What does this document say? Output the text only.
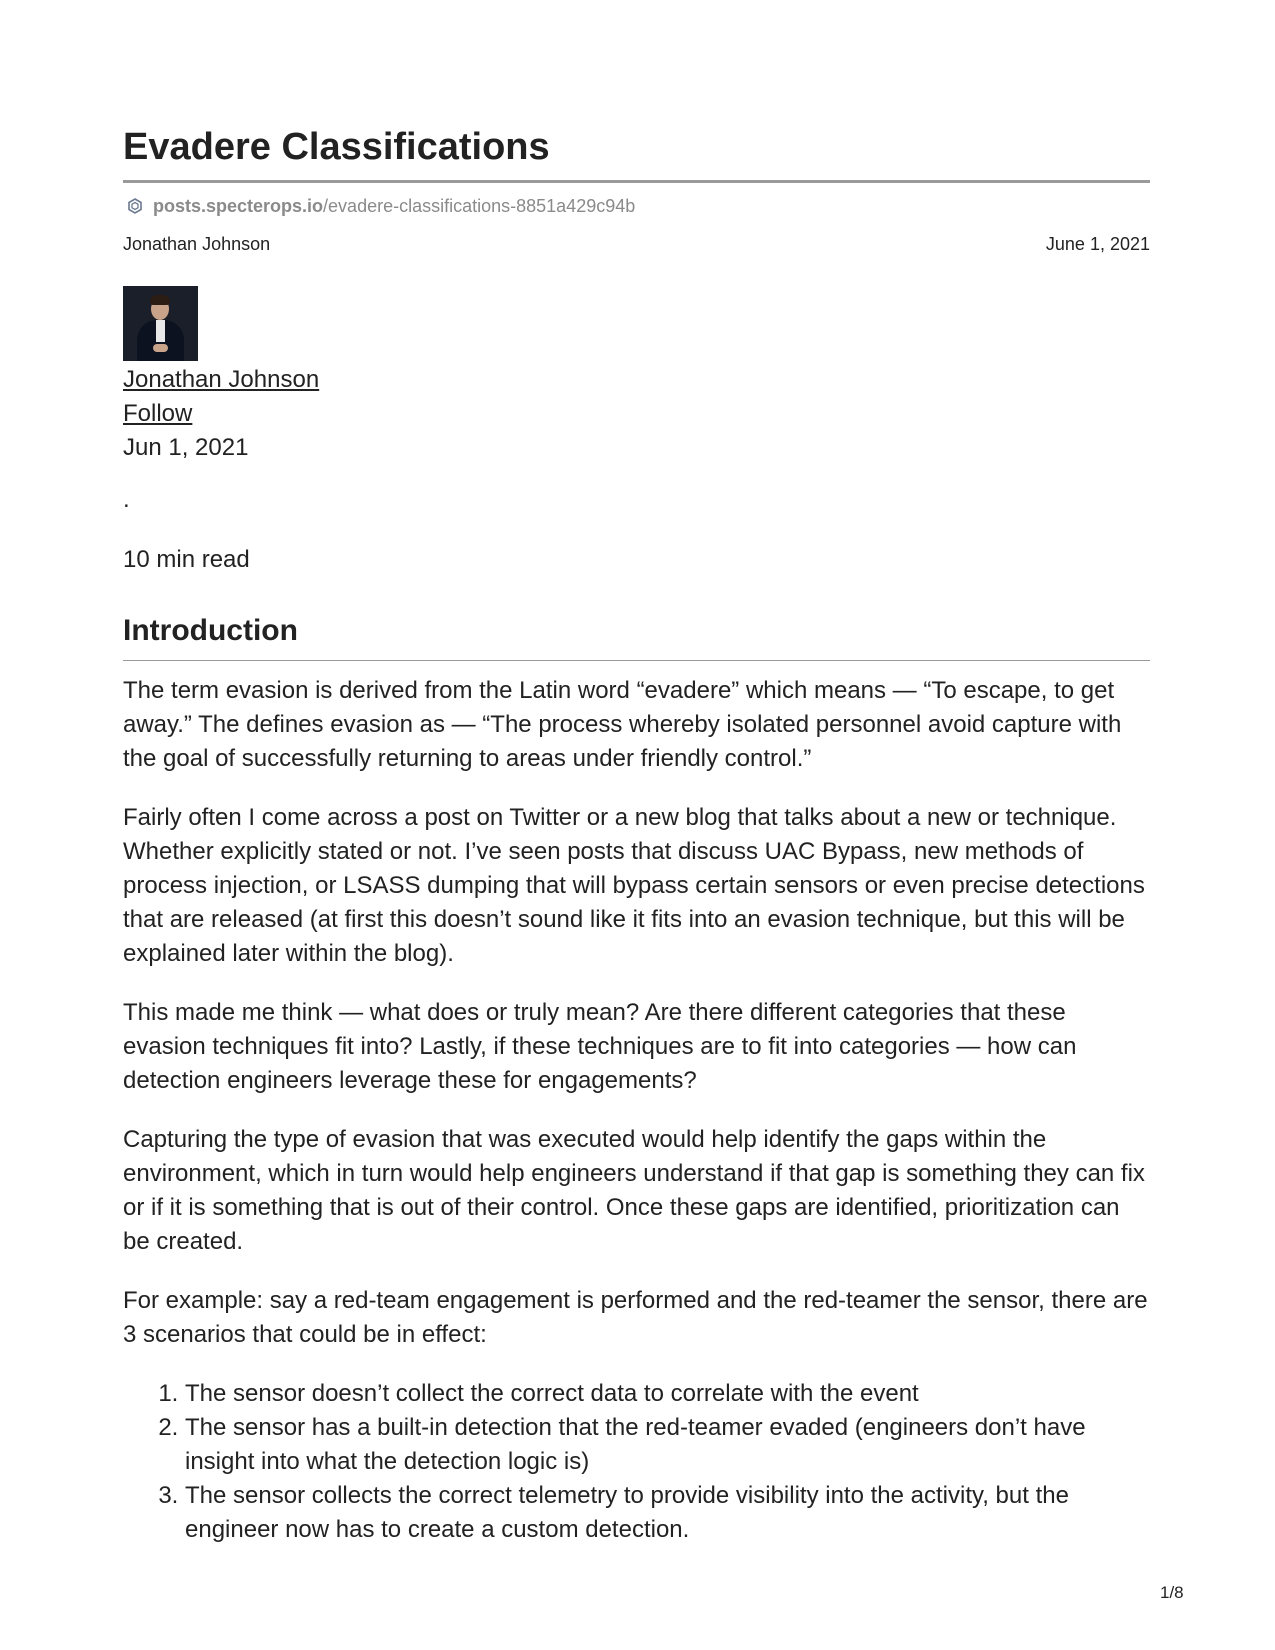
Evadere Classifications
posts.specterops.io /evadere-classifications-8851a429c94b
Jonathan Johnson	June 1, 2021
Jonathan Johnson
Follow
Jun 1, 2021
.
10 min read
Introduction

The term evasion is derived from the Latin word “evadere” which means — “To escape, to get away.” The defines evasion as — “The process whereby isolated personnel avoid capture with the goal of successfully returning to areas under friendly control.”

Fairly often I come across a post on Twitter or a new blog that talks about a new or technique. Whether explicitly stated or not. I’ve seen posts that discuss UAC Bypass, new methods of process injection, or LSASS dumping that will bypass certain sensors or even precise detections that are released (at first this doesn’t sound like it fits into an evasion technique, but this will be explained later within the blog).

This made me think — what does or truly mean? Are there different categories that these evasion techniques fit into? Lastly, if these techniques are to fit into categories — how can detection engineers leverage these for engagements?

Capturing the type of evasion that was executed would help identify the gaps within the environment, which in turn would help engineers understand if that gap is something they can fix or if it is something that is out of their control. Once these gaps are identified, prioritization can be created.

For example: say a red-team engagement is performed and the red-teamer the sensor, there are 3 scenarios that could be in effect:

1. The sensor doesn’t collect the correct data to correlate with the event
2. The sensor has a built-in detection that the red-teamer evaded (engineers don’t have insight into what the detection logic is)
3. The sensor collects the correct telemetry to provide visibility into the activity, but the engineer now has to create a custom detection.
1/8
